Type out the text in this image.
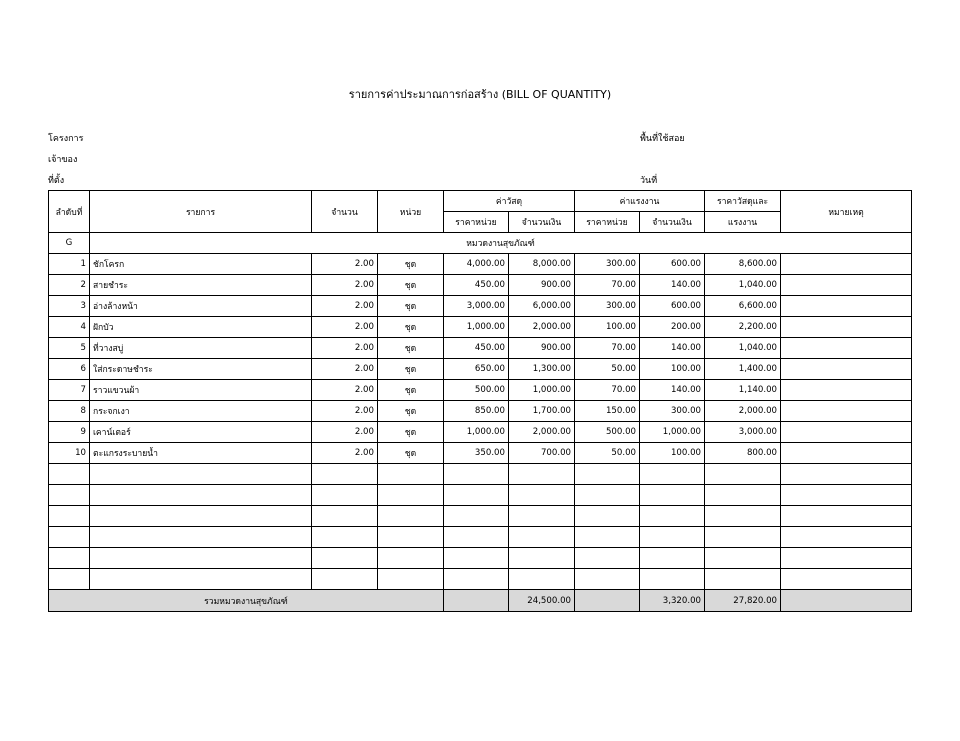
รายการค่าประมาณการก่อสร้าง (BILL OF QUANTITY)
โครงการ
เจ้าของ
ที่ตั้ง
พื้นที่ใช้สอย
วันที่
ลำดับที่	รายการ	จำนวน	หน่วย	ค่าวัสดุ		ค่าแรงงาน		ราคาวัสดุและ	หมายเหตุ
				ราคาหน่วย	จำนวนเงิน	ราคาหน่วย	จำนวนเงิน	แรงงาน	
G	หมวดงานสุขภัณฑ์								
1	ชักโครก	2.00	ชุด	4,000.00	8,000.00	300.00	600.00	8,600.00	
2	สายชำระ	2.00	ชุด	450.00	900.00	70.00	140.00	1,040.00	
3	อ่างล้างหน้า	2.00	ชุด	3,000.00	6,000.00	300.00	600.00	6,600.00	
4	ฝักบัว	2.00	ชุด	1,000.00	2,000.00	100.00	200.00	2,200.00	
5	ที่วางสบู่	2.00	ชุด	450.00	900.00	70.00	140.00	1,040.00	
6	ใส่กระดาษชำระ	2.00	ชุด	650.00	1,300.00	50.00	100.00	1,400.00	
7	ราวแขวนผ้า	2.00	ชุด	500.00	1,000.00	70.00	140.00	1,140.00	
8	กระจกเงา	2.00	ชุด	850.00	1,700.00	150.00	300.00	2,000.00	
9	เคาน์เตอร์	2.00	ชุด	1,000.00	2,000.00	500.00	1,000.00	3,000.00	
10	ตะแกรงระบายน้ำ	2.00	ชุด	350.00	700.00	50.00	100.00	800.00	

รวมหมวดงานสุขภัณฑ์					24,500.00		3,320.00	27,820.00	
